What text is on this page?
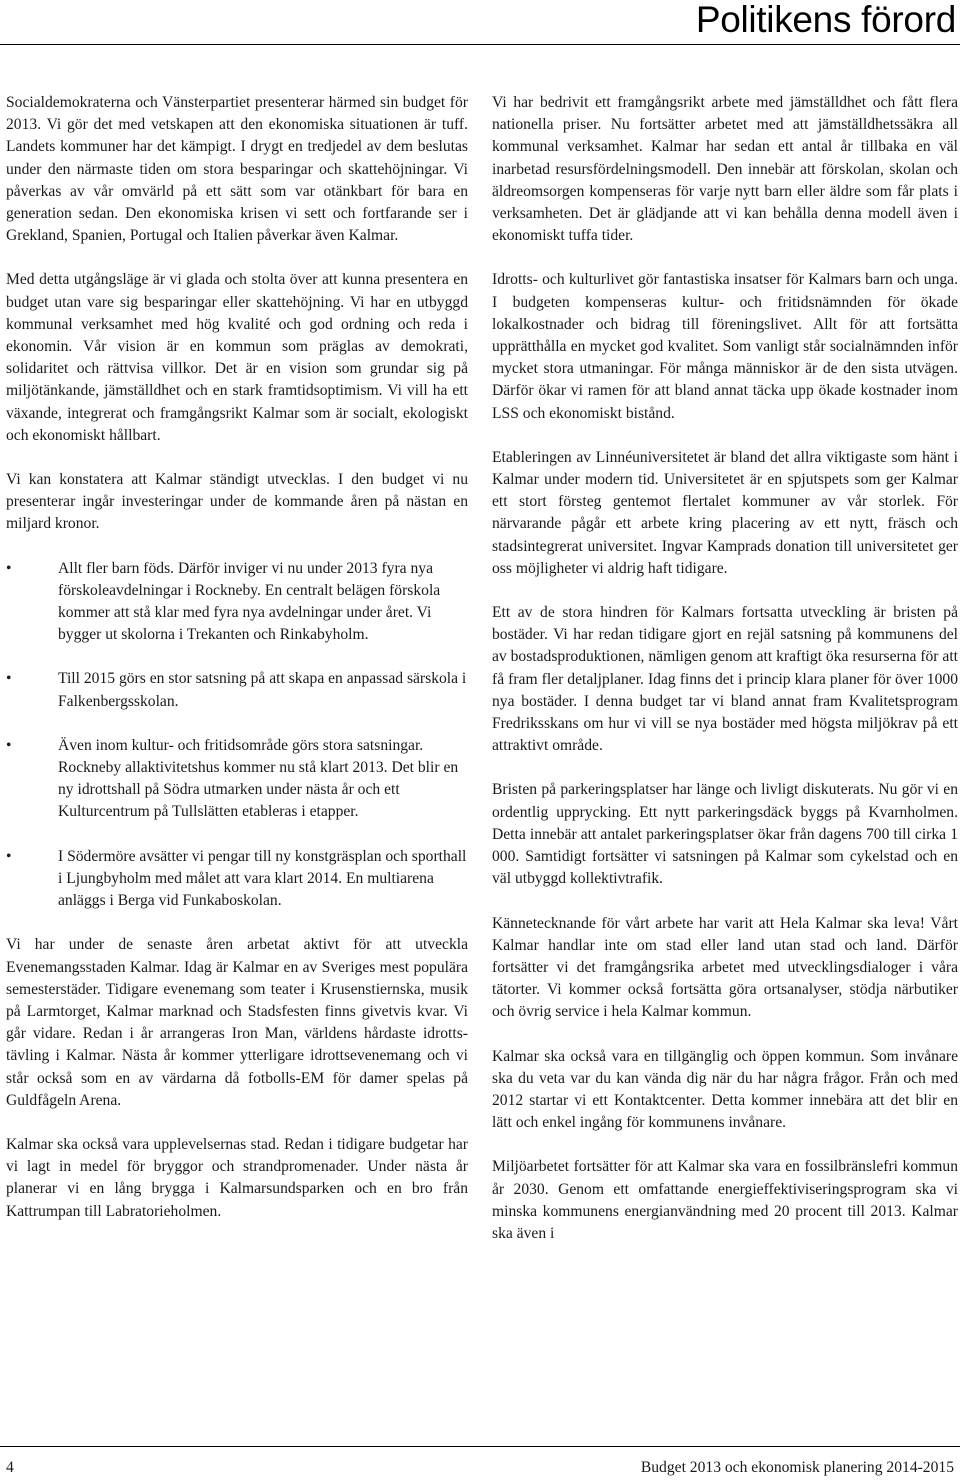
Politikens förord

Socialdemokraterna och Vänsterpartiet presenterar härmed sin budget för 2013. Vi gör det med vetskapen att den ekonomiska situationen är tuff. Landets kommuner har det kämpigt. I drygt en tredjedel av dem beslutas under den närmaste tiden om stora besparingar och skattehöjningar. Vi påverkas av vår omvärld på ett sätt som var otänkbart för bara en generation sedan. Den ekonomiska krisen vi sett och fortfarande ser i Grekland, Spanien, Portugal och Italien påverkar även Kalmar.

Med detta utgångsläge är vi glada och stolta över att kunna presentera en budget utan vare sig besparingar eller skattehöjning. Vi har en utbyggd kommunal verksamhet med hög kvalité och god ordning och reda i ekonomin. Vår vision är en kommun som präglas av demokrati, solidaritet och rättvisa villkor. Det är en vision som grundar sig på miljötänkande, jämställdhet och en stark framtidsoptimism. Vi vill ha ett växande, integrerat och framgångsrikt Kalmar som är socialt, ekologiskt och ekonomiskt hållbart.

Vi kan konstatera att Kalmar ständigt utvecklas. I den budget vi nu presenterar ingår investeringar under de kommande åren på nästan en miljard kronor.

• Allt fler barn föds. Därför inviger vi nu under 2013 fyra nya förskoleavdelningar i Rockneby. En centralt belägen förskola kommer att stå klar med fyra nya avdelningar under året. Vi bygger ut skolorna i Trekanten och Rinkabyholm.
• Till 2015 görs en stor satsning på att skapa en anpassad särskola i Falkenbergsskolan.
• Även inom kultur- och fritidsområde görs stora satsningar. Rockneby allaktivitetshus kommer nu stå klart 2013. Det blir en ny idrottshall på Södra utmarken under nästa år och ett Kulturcentrum på Tullslätten etableras i etapper.
• I Södermöre avsätter vi pengar till ny konstgräsplan och sporthall i Ljungbyholm med målet att vara klart 2014. En multiarena anläggs i Berga vid Funkaboskolan.

Vi har under de senaste åren arbetat aktivt för att utveckla Evenemangsstaden Kalmar. Idag är Kalmar en av Sveriges mest populära semesterstäder. Tidigare evenemang som teater i Krusenstiernska, musik på Larmtorget, Kalmar marknad och Stadsfesten finns givetvis kvar. Vi går vidare. Redan i år arrangeras Iron Man, världens hårdaste idrottstävling i Kalmar. Nästa år kommer ytterligare idrottsevenemang och vi står också som en av värdarna då fotbolls-EM för damer spelas på Guldfågeln Arena.

Kalmar ska också vara upplevelsernas stad. Redan i tidigare budgetar har vi lagt in medel för bryggor och strandpromenader. Under nästa år planerar vi en lång brygga i Kalmarsundsparken och en bro från Kattrumpan till Labratorieholmen.

Vi har bedrivit ett framgångsrikt arbete med jämställdhet och fått flera nationella priser. Nu fortsätter arbetet med att jämställdhetssäkra all kommunal verksamhet. Kalmar har sedan ett antal år tillbaka en väl inarbetad resursfördelningsmodell. Den innebär att förskolan, skolan och äldreomsorgen kompenseras för varje nytt barn eller äldre som får plats i verksamheten. Det är glädjande att vi kan behålla denna modell även i ekonomiskt tuffa tider.

Idrotts- och kulturlivet gör fantastiska insatser för Kalmars barn och unga. I budgeten kompenseras kultur- och fritidsnämnden för ökade lokalkostnader och bidrag till föreningslivet. Allt för att fortsätta upprätthålla en mycket god kvalitet. Som vanligt står socialnämnden inför mycket stora utmaningar. För många människor är de den sista utvägen. Därför ökar vi ramen för att bland annat täcka upp ökade kostnader inom LSS och ekonomiskt bistånd.

Etableringen av Linnéuniversitetet är bland det allra viktigaste som hänt i Kalmar under modern tid. Universitetet är en spjutspets som ger Kalmar ett stort försteg gentemot flertalet kommuner av vår storlek. För närvarande pågår ett arbete kring placering av ett nytt, fräsch och stadsintegrerat universitet. Ingvar Kamprads donation till universitetet ger oss möjligheter vi aldrig haft tidigare.

Ett av de stora hindren för Kalmars fortsatta utveckling är bristen på bostäder. Vi har redan tidigare gjort en rejäl satsning på kommunens del av bostadsproduktionen, nämligen genom att kraftigt öka resurserna för att få fram fler detaljplaner. Idag finns det i princip klara planer för över 1000 nya bostäder. I denna budget tar vi bland annat fram Kvalitetsprogram Fredriksskans om hur vi vill se nya bostäder med högsta miljökrav på ett attraktivt område.

Bristen på parkeringsplatser har länge och livligt diskuterats. Nu gör vi en ordentlig upprycking. Ett nytt parkeringsdäck byggs på Kvarnholmen. Detta innebär att antalet parkeringsplatser ökar från dagens 700 till cirka 1 000. Samtidigt fortsätter vi satsningen på Kalmar som cykelstad och en väl utbyggd kollektivtrafik.

Kännetecknande för vårt arbete har varit att Hela Kalmar ska leva! Vårt Kalmar handlar inte om stad eller land utan stad och land. Därför fortsätter vi det framgångsrika arbetet med utvecklingsdialoger i våra tätorter. Vi kommer också fortsätta göra ortsanalyser, stödja närbutiker och övrig service i hela Kalmar kommun.

Kalmar ska också vara en tillgänglig och öppen kommun. Som invånare ska du veta var du kan vända dig när du har några frågor. Från och med 2012 startar vi ett Kontaktcenter. Detta kommer innebära att det blir en lätt och enkel ingång för kommunens invånare.

Miljöarbetet fortsätter för att Kalmar ska vara en fossilbränslefri kommun år 2030. Genom ett omfattande energieffektiviseringsprogram ska vi minska kommunens energianvändning med 20 procent till 2013. Kalmar ska även i

4	Budget 2013 och ekonomisk planering 2014-2015
